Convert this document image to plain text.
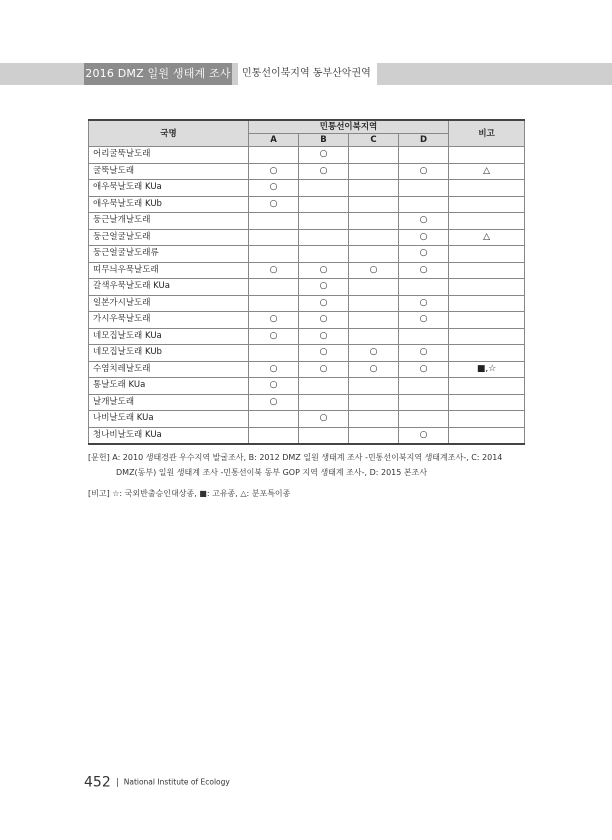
2016 DMZ 일원 생태계 조사	민통선이북지역 동부산악권역
국명	민통선이북지역				비고
	A	B	C	D	
어리굴뚝날도래		○			
굴뚝날도래	○	○		○	△
애우묵날도래 KUa	○				
애우묵날도래 KUb	○				
둥근날개날도래				○	
둥근얼굴날도래				○	△
둥근얼굴날도래류				○	
띠무늬우묵날도래	○	○	○	○	
갈색우묵날도래 KUa		○			
일본가시날도래		○		○	
가시우묵날도래	○	○		○	
네모집날도래 KUa	○	○			
네모집날도래 KUb		○	○	○	
수염치레날도래	○	○	○	○	■,☆
통날도래 KUa	○				
날개날도래	○				
나비날도래 KUa		○			
청나비날도래 KUa				○	
[문헌] A: 2010 생태경관 우수지역 발굴조사, B: 2012 DMZ 일원 생태계 조사 -민통선이북지역 생태계조사-, C: 2014
DMZ(동부) 일원 생태계 조사 -민통선이북 동부 GOP 지역 생태계 조사-, D: 2015 본조사
[비고] ☆: 국외반출승인대상종, ■: 고유종, △: 분포특이종
452 National Institute of Ecology
